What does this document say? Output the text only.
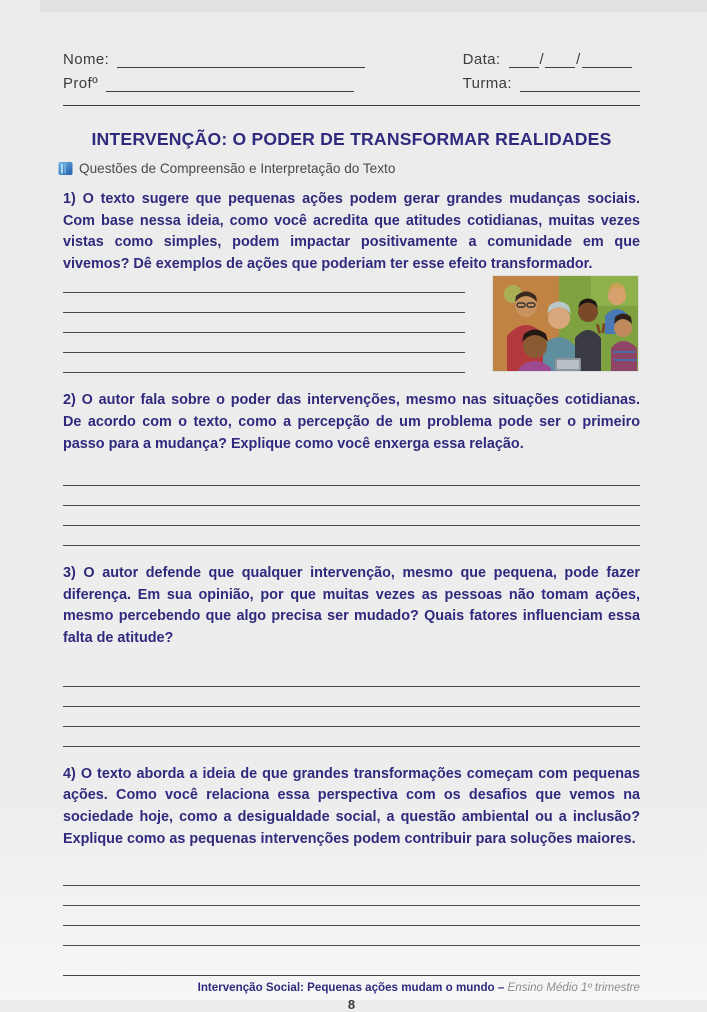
Nome:
Profº
Data:	/ /
Turma:
INTERVENÇÃO: O PODER DE TRANSFORMAR REALIDADES
Questões de Compreensão e Interpretação do Texto

1) O texto sugere que pequenas ações podem gerar grandes mudanças sociais. Com base nessa ideia, como você acredita que atitudes cotidianas, muitas vezes vistas como simples, podem impactar positivamente a comunidade em que vivemos? Dê exemplos de ações que poderiam ter esse efeito transformador.

2) O autor fala sobre o poder das intervenções, mesmo nas situações cotidianas. De acordo com o texto, como a percepção de um problema pode ser o primeiro passo para a mudança? Explique como você enxerga essa relação.

3) O autor defende que qualquer intervenção, mesmo que pequena, pode fazer diferença. Em sua opinião, por que muitas vezes as pessoas não tomam ações, mesmo percebendo que algo precisa ser mudado? Quais fatores influenciam essa falta de atitude?

4) O texto aborda a ideia de que grandes transformações começam com pequenas ações. Como você relaciona essa perspectiva com os desafios que vemos na sociedade hoje, como a desigualdade social, a questão ambiental ou a inclusão? Explique como as pequenas intervenções podem contribuir para soluções maiores.

Intervenção Social: Pequenas ações mudam o mundo – Ensino Médio 1º trimestre
8
